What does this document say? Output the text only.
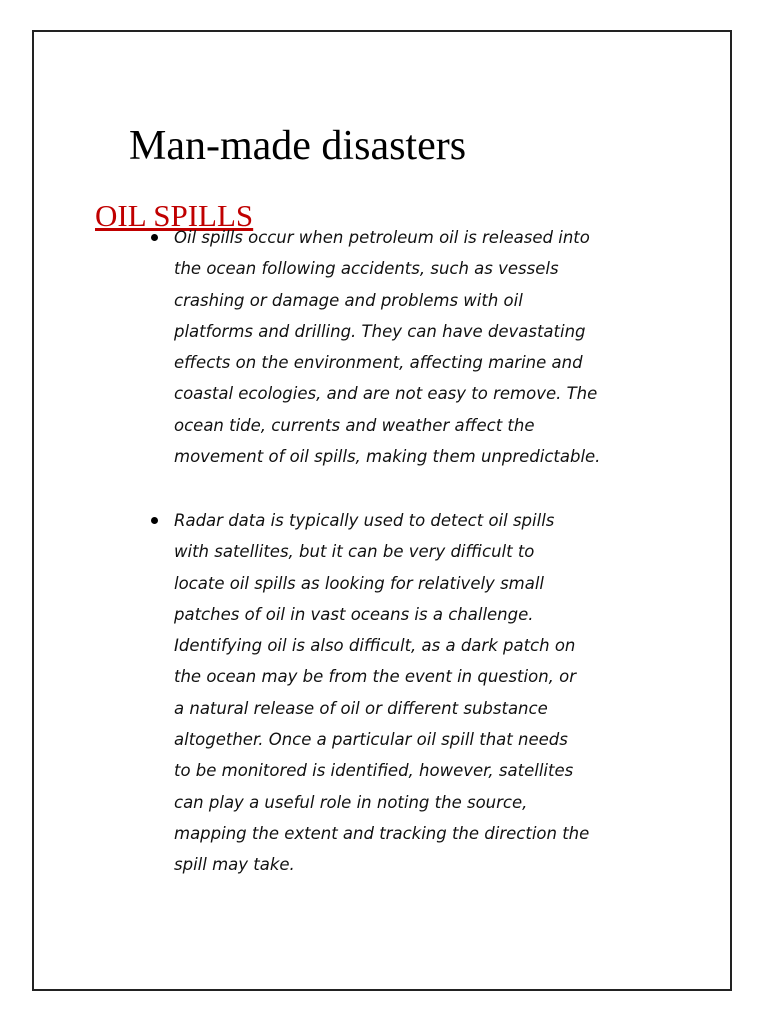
Man-made disasters
OIL SPILLS

Oil spills occur when petroleum oil is released into
the ocean following accidents, such as vessels
crashing or damage and problems with oil
platforms and drilling. They can have devastating
effects on the environment, affecting marine and
coastal ecologies, and are not easy to remove. The
ocean tide, currents and weather affect the
movement of oil spills, making them unpredictable.

Radar data is typically used to detect oil spills
with satellites, but it can be very difficult to
locate oil spills as looking for relatively small
patches of oil in vast oceans is a challenge.
Identifying oil is also difficult, as a dark patch on
the ocean may be from the event in question, or
a natural release of oil or different substance
altogether. Once a particular oil spill that needs
to be monitored is identified, however, satellites
can play a useful role in noting the source,
mapping the extent and tracking the direction the
spill may take.
